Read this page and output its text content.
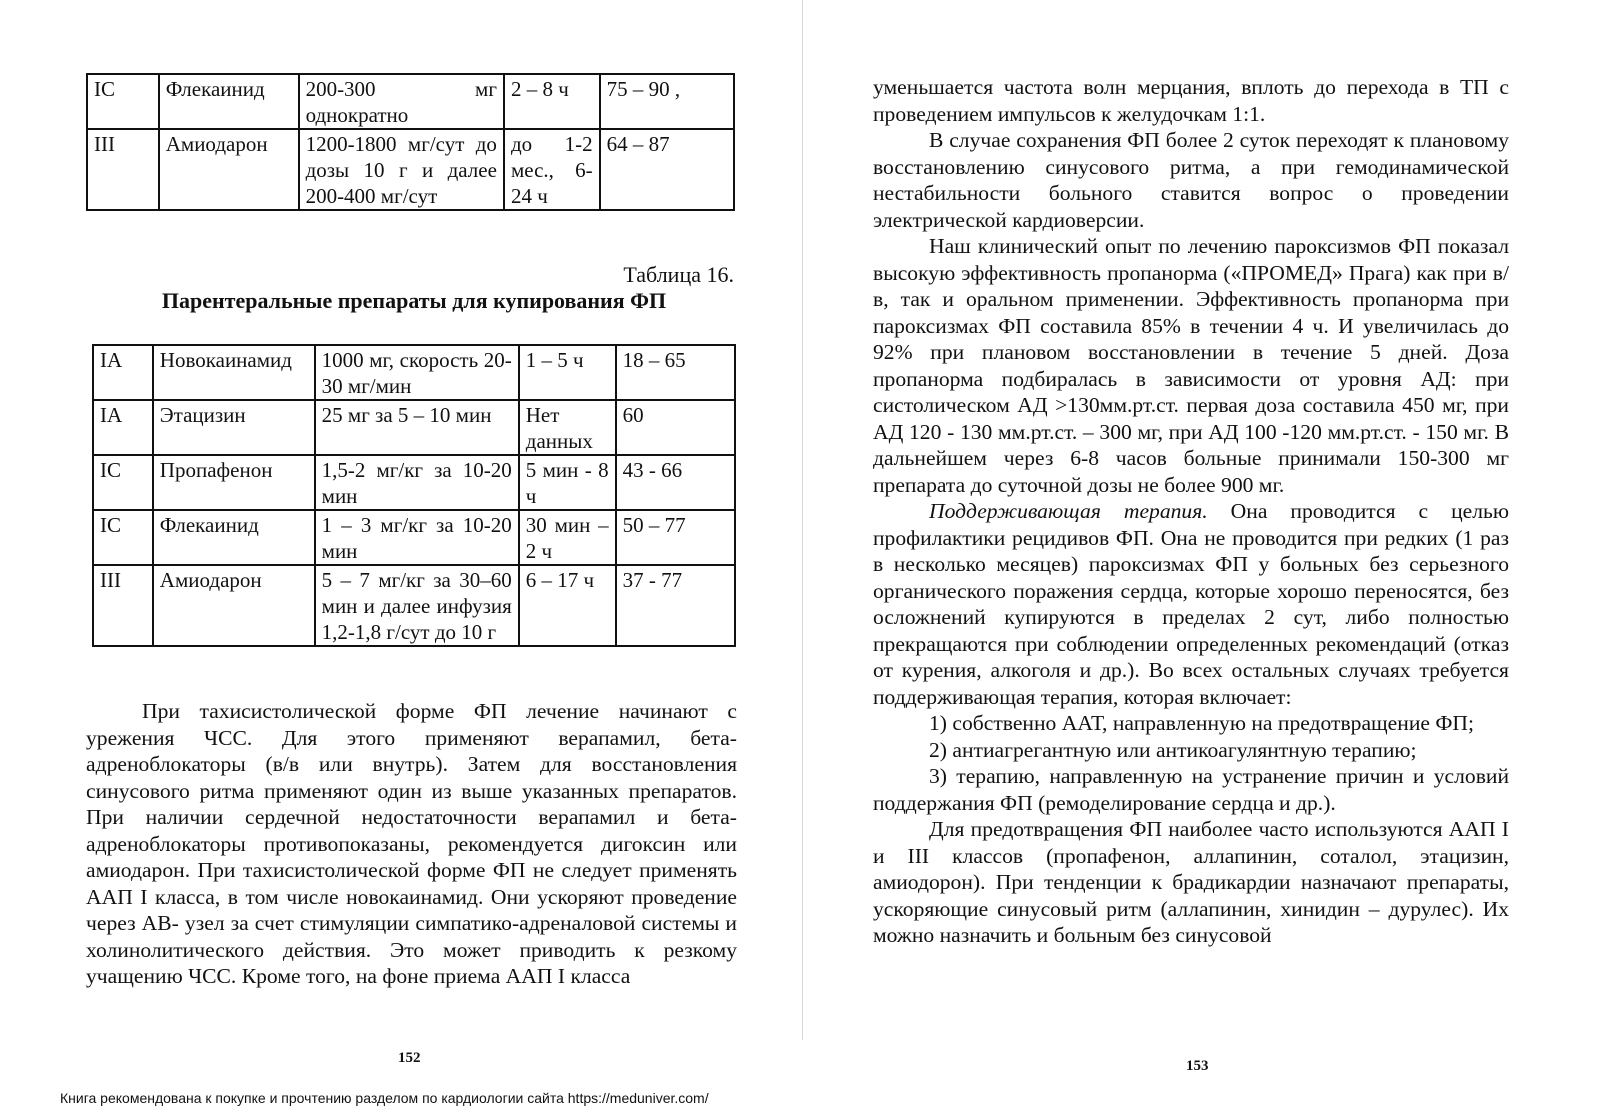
IC	Флекаинид	200-300 мг однократно	2 – 8 ч	75 – 90 ,
III	Амиодарон	1200-1800 мг/сут до дозы 10 г и далее 200-400 мг/сут	до 1-2 мес., 6-24 ч	64 – 87
Таблица 16.
Парентеральные препараты для купирования ФП
IA	Новокаинамид	1000 мг, скорость 20-30 мг/мин	1 – 5 ч	18 – 65
IA	Этацизин	25 мг за 5 – 10 мин	Нет данных	60
IC	Пропафенон	1,5-2 мг/кг за 10-20 мин	5 мин - 8 ч	43 - 66
IC	Флекаинид	1 – 3 мг/кг за 10-20 мин	30 мин – 2 ч	50 – 77
III	Амиодарон	5 – 7 мг/кг за 30–60 мин и далее инфузия 1,2-1,8 г/сут до 10 г	6 – 17 ч	37 - 77

При тахисистолической форме ФП лечение начинают с урежения ЧСС. Для этого применяют верапамил, бета-адреноблокаторы (в/в или внутрь). Затем для восстановления синусового ритма применяют один из выше указанных препаратов. При наличии сердечной недостаточности верапамил и бета-адреноблокаторы противопоказаны, рекомендуется дигоксин или амиодарон. При тахисистолической форме ФП не следует применять ААП I класса, в том числе новокаинамид. Они ускоряют проведение через АВ- узел за счет стимуляции симпатико-адреналовой системы и холинолитического действия. Это может приводить к резкому учащению ЧСС. Кроме того, на фоне приема ААП I класса

152

уменьшается частота волн мерцания, вплоть до перехода в ТП с проведением импульсов к желудочкам 1:1.

В случае сохранения ФП более 2 суток переходят к плановому восстановлению синусового ритма, а при гемодинамической нестабильности больного ставится вопрос о проведении электрической кардиоверсии.

Наш клинический опыт по лечению пароксизмов ФП показал высокую эффективность пропанорма («ПРОМЕД» Прага) как при в/в, так и оральном применении. Эффективность пропанорма при пароксизмах ФП составила 85% в течении 4 ч. И увеличилась до 92% при плановом восстановлении в течение 5 дней. Доза пропанорма подбиралась в зависимости от уровня АД: при систолическом АД >130мм.рт.ст. первая доза составила 450 мг, при АД 120 - 130 мм.рт.ст. – 300 мг, при АД 100 -120 мм.рт.ст. - 150 мг. В дальнейшем через 6-8 часов больные принимали 150-300 мг препарата до суточной дозы не более 900 мг.

Поддерживающая терапия. Она проводится с целью профилактики рецидивов ФП. Она не проводится при редких (1 раз в несколько месяцев) пароксизмах ФП у больных без серьезного органического поражения сердца, которые хорошо переносятся, без осложнений купируются в пределах 2 сут, либо полностью прекращаются при соблюдении определенных рекомендаций (отказ от курения, алкоголя и др.). Во всех остальных случаях требуется поддерживающая терапия, которая включает:

1) собственно ААТ, направленную на предотвращение ФП;

2) антиагрегантную или антикоагулянтную терапию;

3) терапию, направленную на устранение причин и условий поддержания ФП (ремоделирование сердца и др.).

Для предотвращения ФП наиболее часто используются ААП I и III классов (пропафенон, аллапинин, соталол, этацизин, амиодорон). При тенденции к брадикардии назначают препараты, ускоряющие синусовый ритм (аллапинин, хинидин – дурулес). Их можно назначить и больным без синусовой

153
Книга рекомендована к покупке и прочтению разделом по кардиологии сайта https://meduniver.com/
